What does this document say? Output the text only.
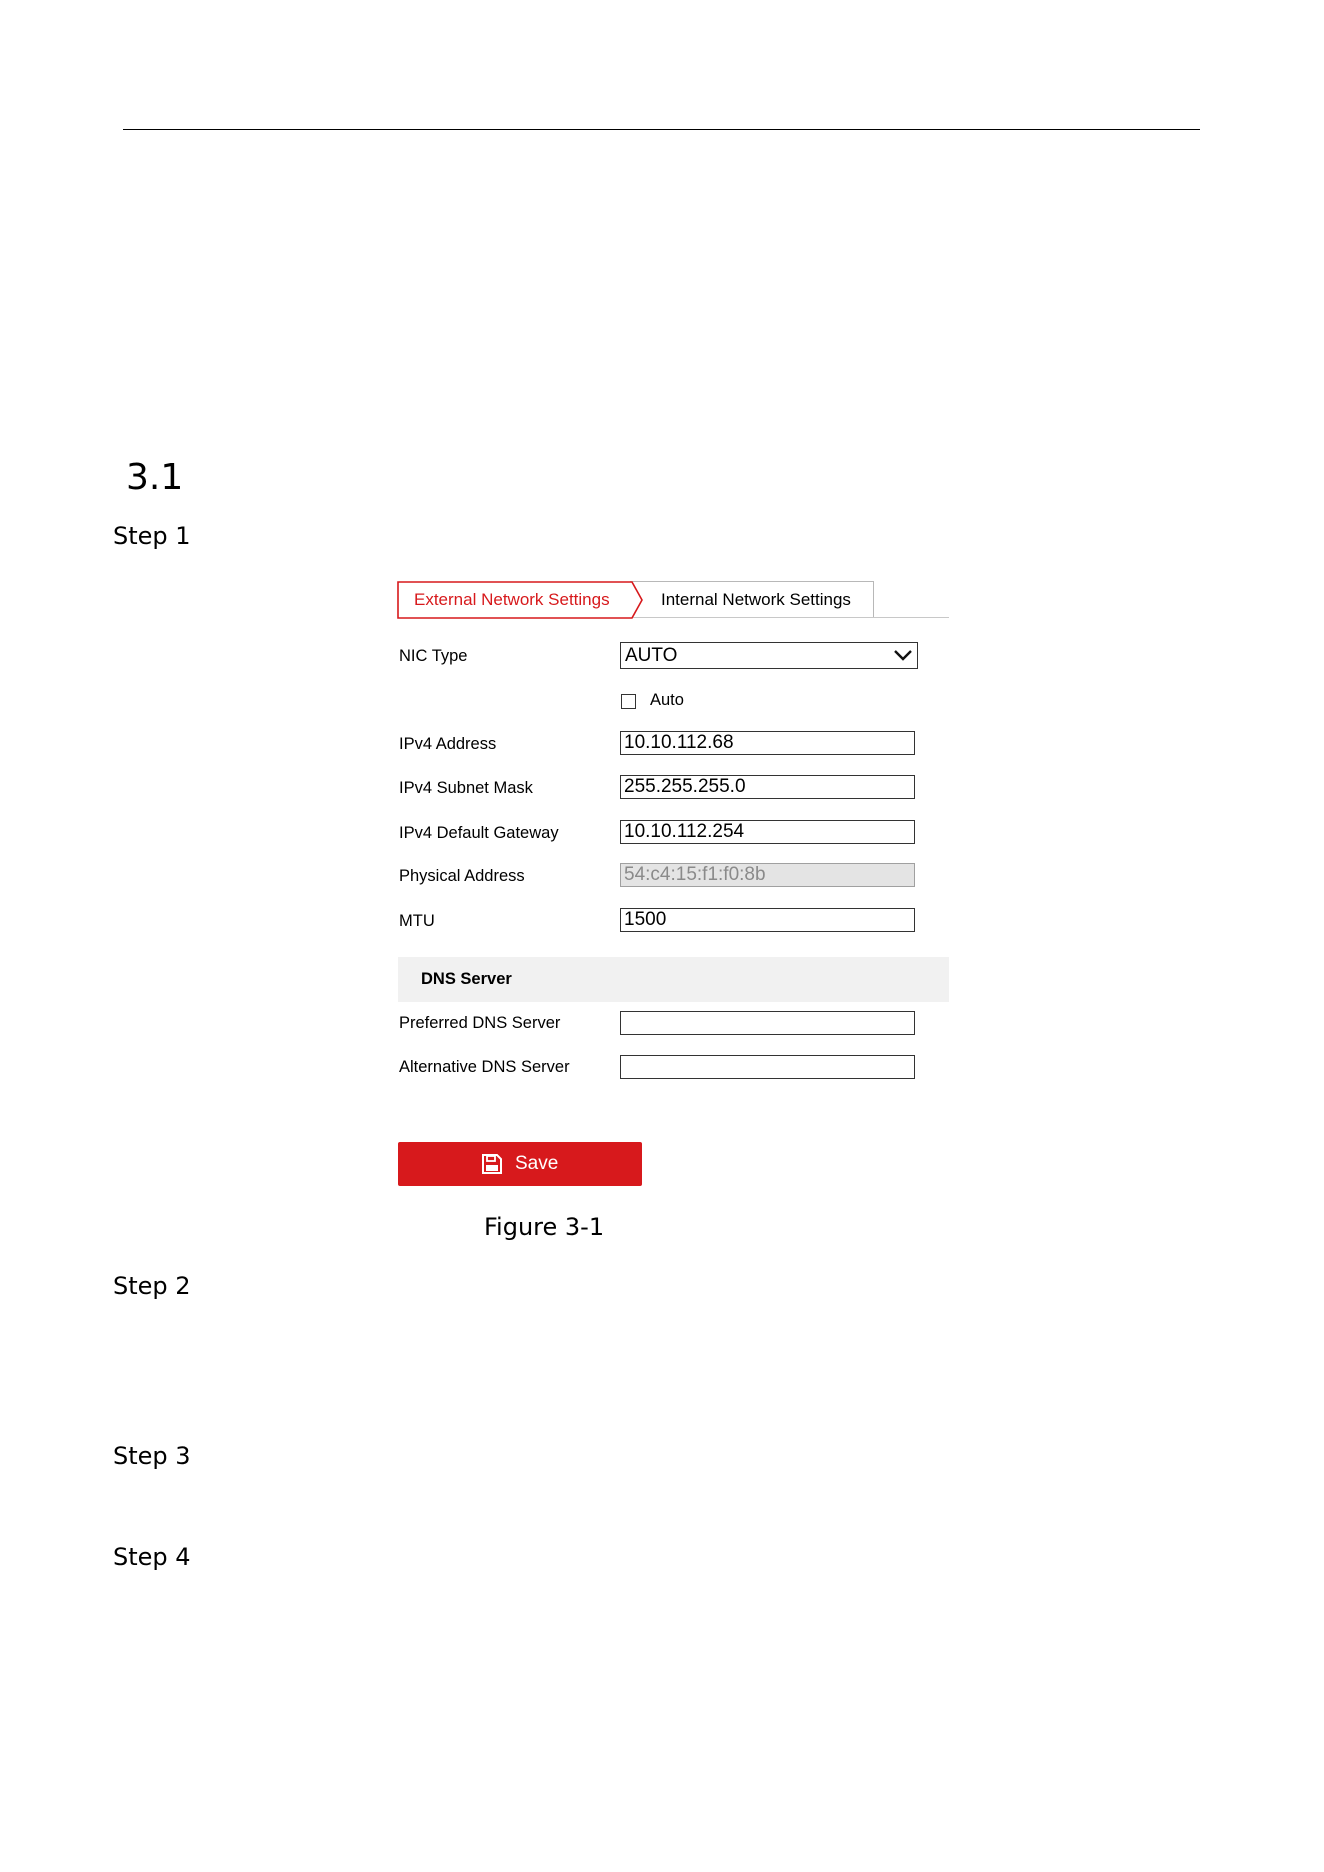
3.1
Step 1
Internal Network Settings
External Network Settings
NIC Type	AUTO
Auto
IPv4 Address	10.10.112.68
IPv4 Subnet Mask	255.255.255.0
IPv4 Default Gateway	10.10.112.254
Physical Address	54:c4:15:f1:f0:8b
MTU	1500
DNS Server
Preferred DNS Server
Alternative DNS Server
Save
Figure 3-1
Step 2
Step 3
Step 4
